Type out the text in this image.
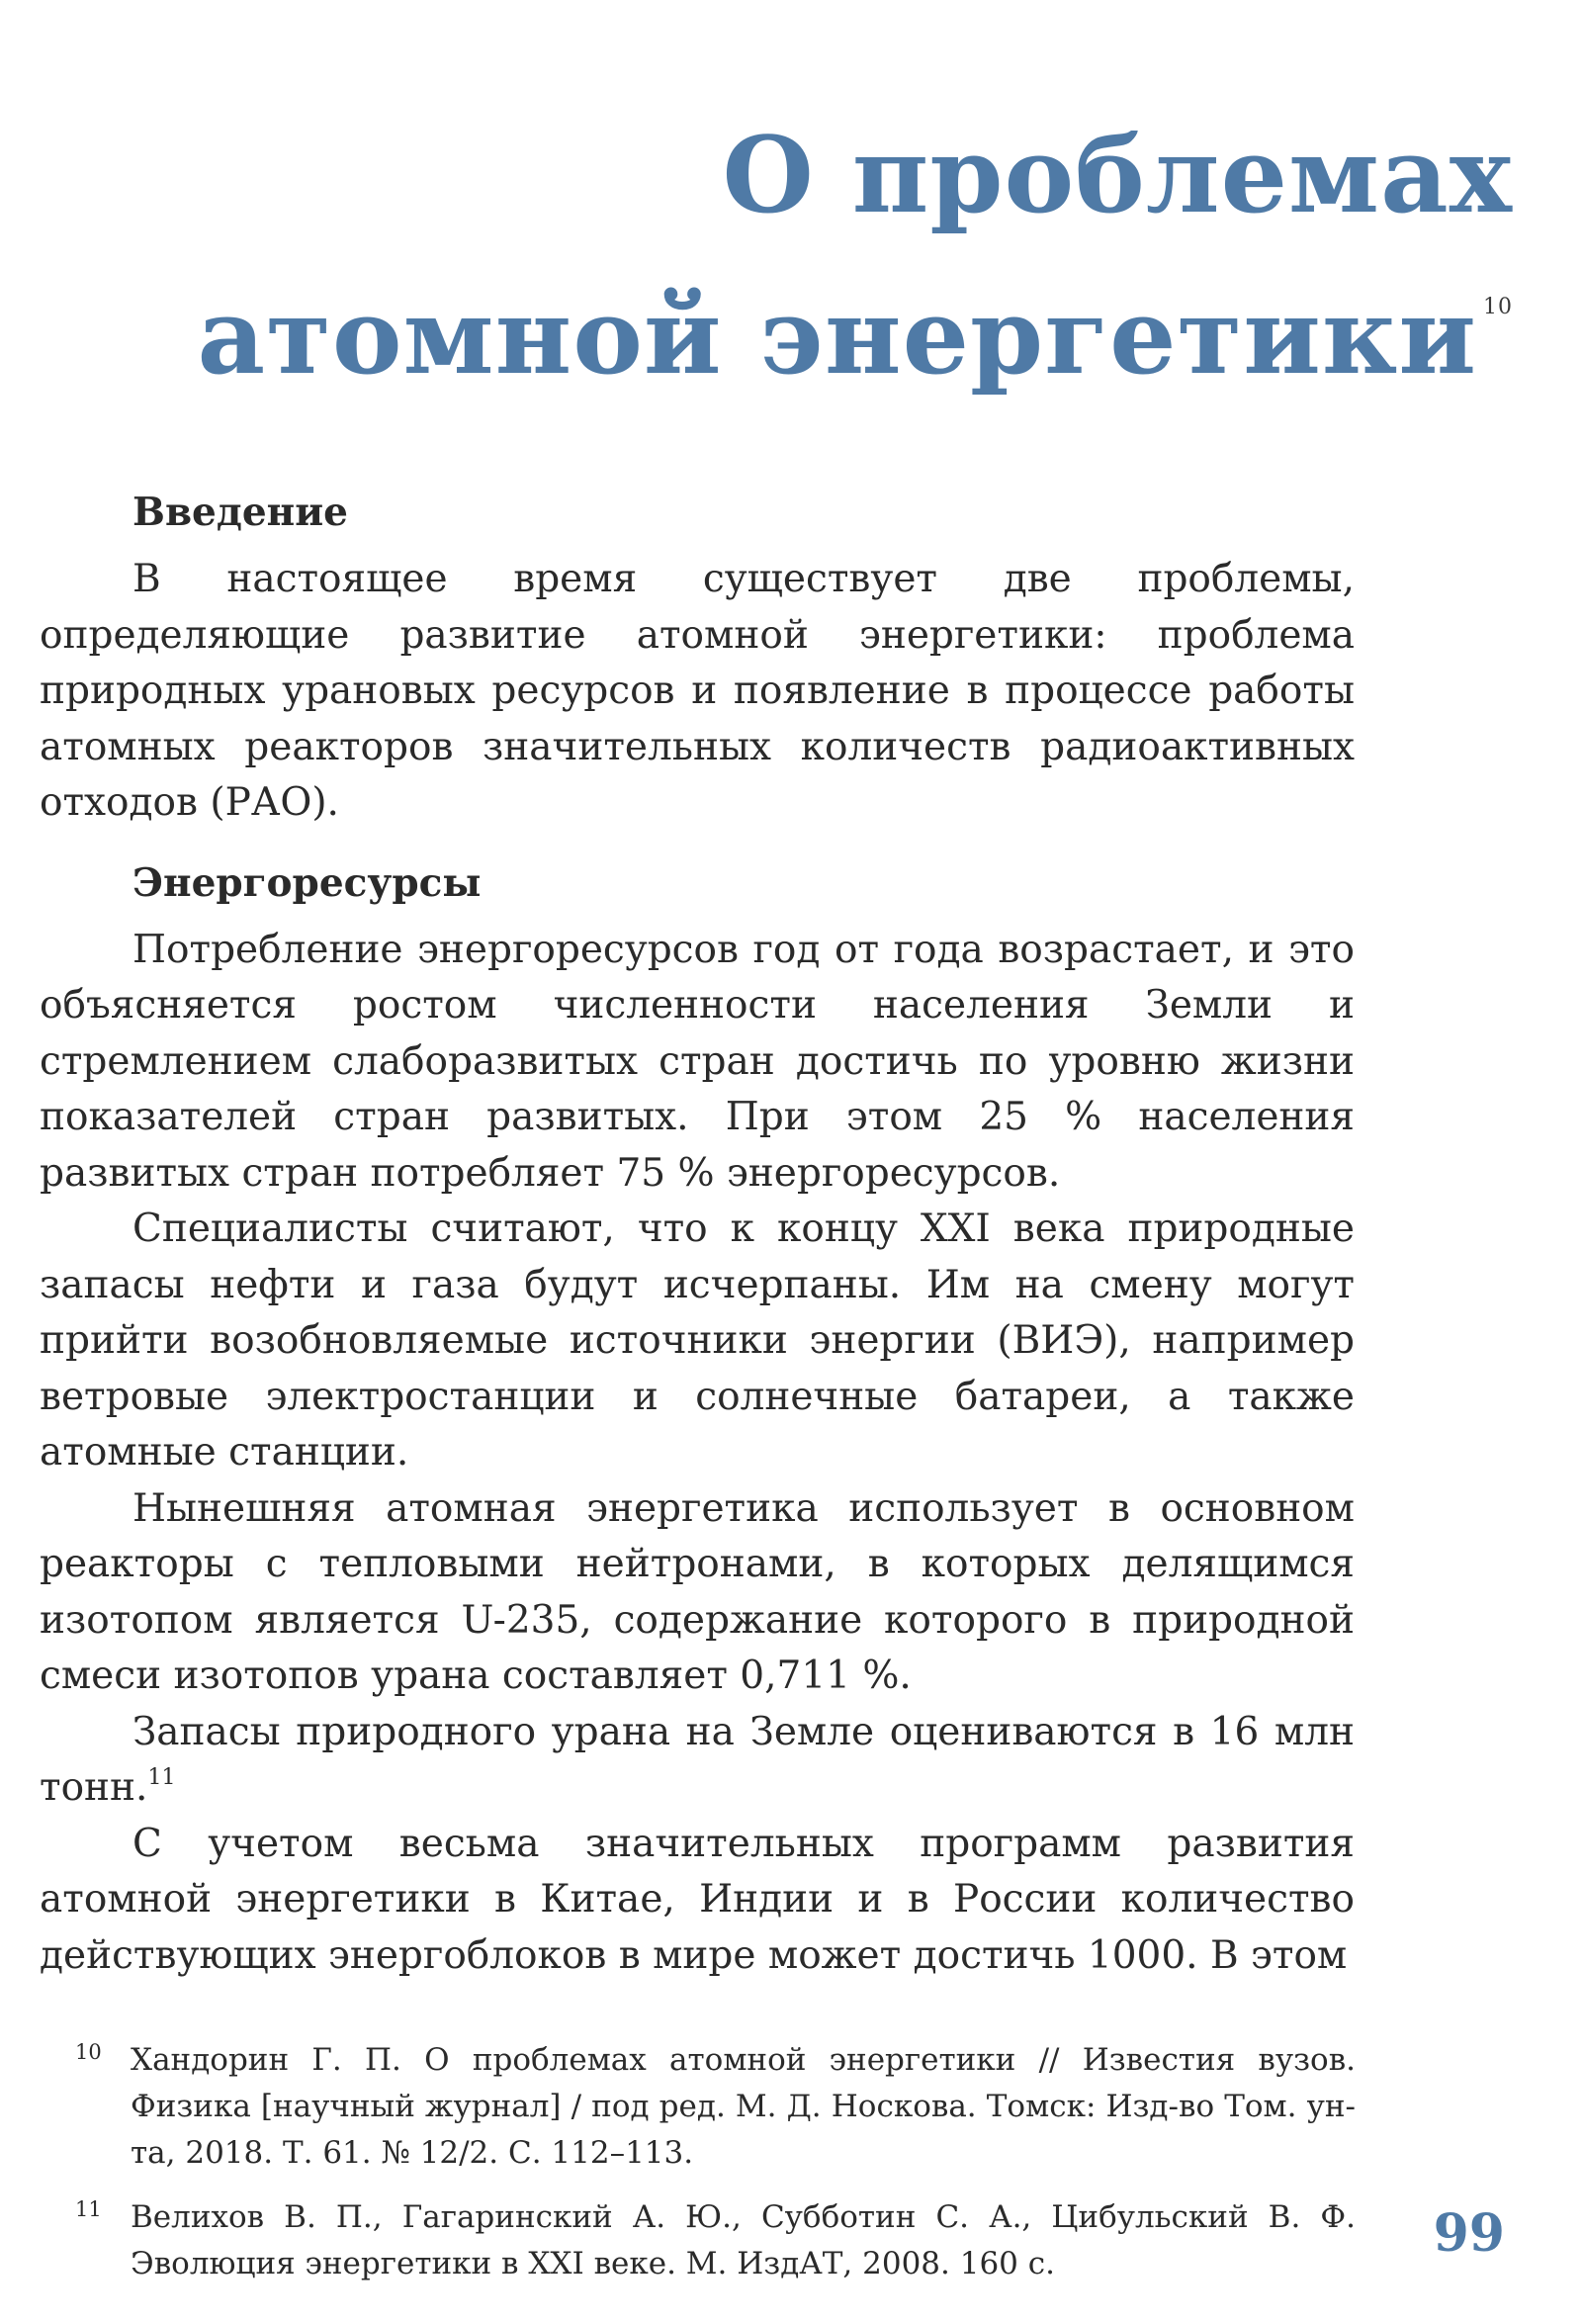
О проблемах
атомной энергетики $^{10}$
Введение

В настоящее время существует две проблемы, определяющие развитие атомной энергетики: проблема природных урановых ресурсов и появление в процессе работы атомных реакторов значительных количеств радиоактивных отходов (РАО).

Энергоресурсы

Потребление энергоресурсов год от года возрастает, и это объясняется ростом численности населения Земли и стремлением слаборазвитых стран достичь по уровню жизни показателей стран развитых. При этом 25 % населения развитых стран потребляет 75 % энергоресурсов.

Специалисты считают, что к концу XXI века природные запасы нефти и газа будут исчерпаны. Им на смену могут прийти возобновляемые источники энергии (ВИЭ), например ветровые электростанции и солнечные батареи, а также атомные станции.

Нынешняя атомная энергетика использует в основном реакторы с тепловыми нейтронами, в которых делящимся изотопом является U-235, содержание которого в природной смеси изотопов урана составляет 0,711 %.

Запасы природного урана на Земле оцениваются в 16 млн тонн.$^{11}$

С учетом весьма значительных программ развития атомной энергетики в Китае, Индии и в России количество действующих энергоблоков в мире может достичь 1000. В этом

10 Хандорин Г. П. О проблемах атомной энергетики // Известия вузов. Физика [научный журнал] / под ред. М. Д. Носкова. Томск: Изд-во Том. ун-та, 2018. Т. 61. № 12/2. С. 112–113.
11 Велихов В. П., Гагаринский А. Ю., Субботин С. А., Цибульский В. Ф. Эволюция энергетики в XXI веке. М. ИздАТ, 2008. 160 с.	99
